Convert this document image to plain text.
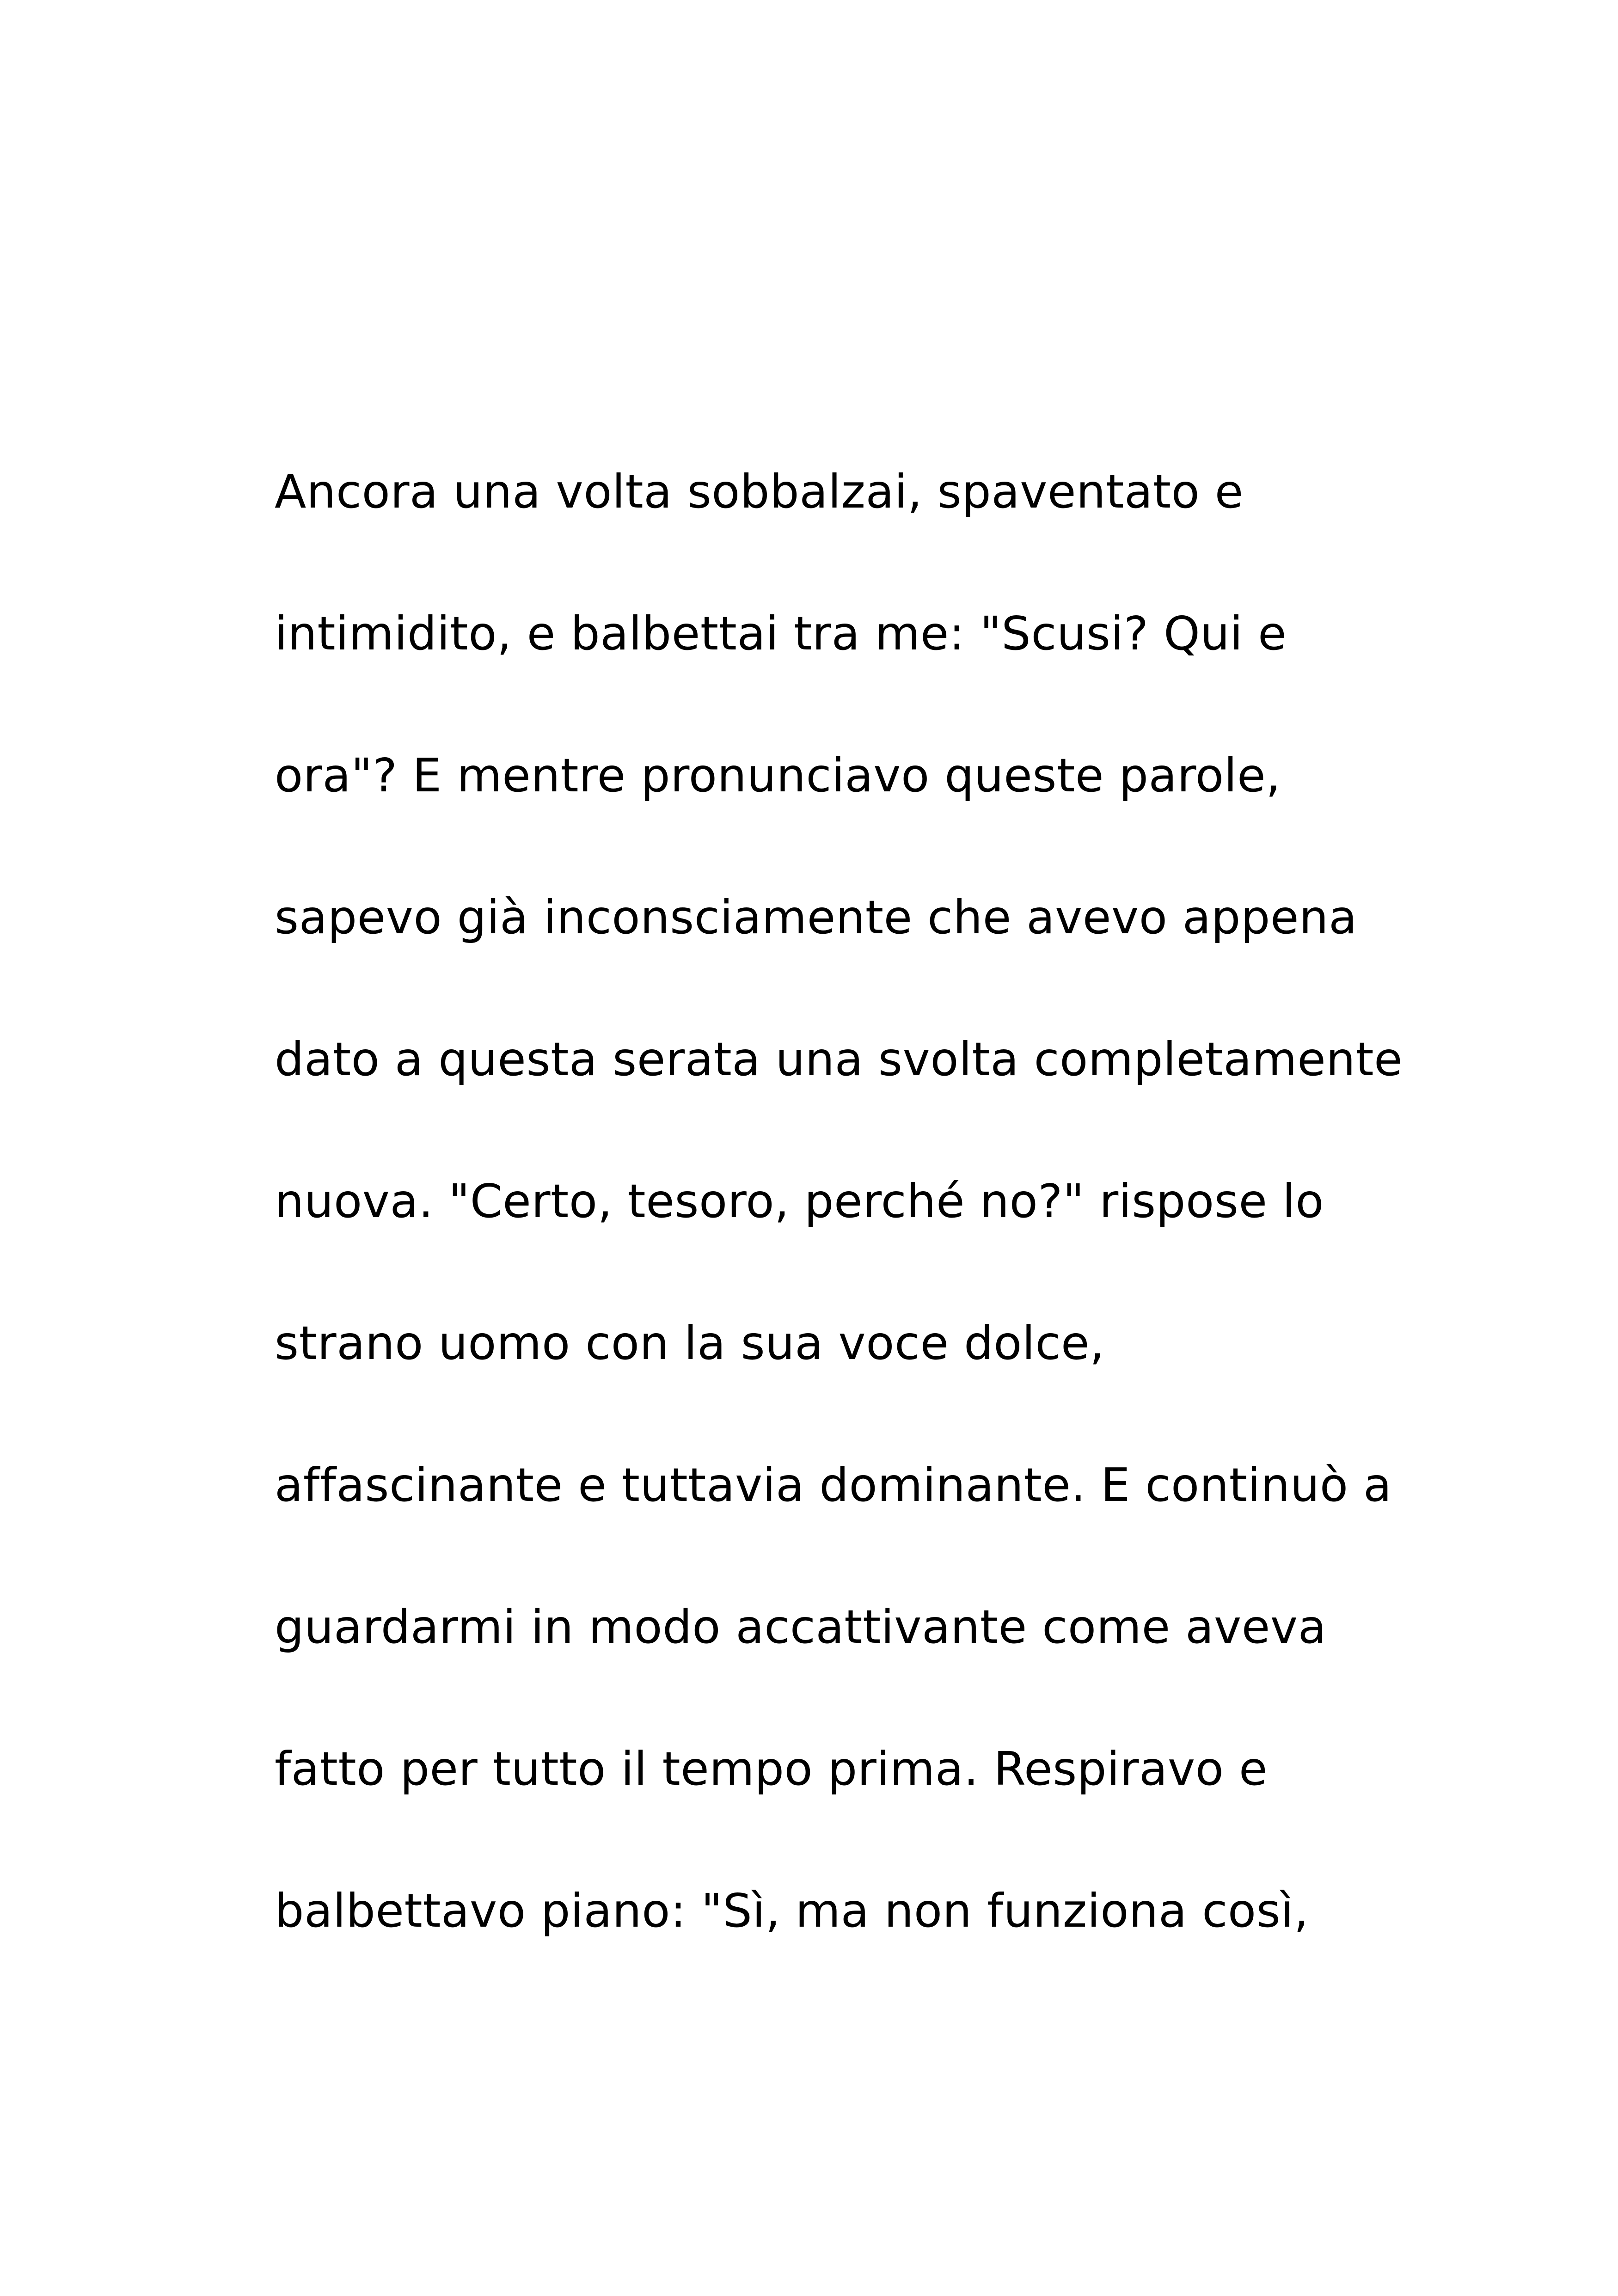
Ancora una volta sobbalzai, spaventato e
intimidito, e balbettai tra me: "Scusi? Qui e
ora"? E mentre pronunciavo queste parole,
sapevo già inconsciamente che avevo appena
dato a questa serata una svolta completamente
nuova. "Certo, tesoro, perché no?" rispose lo
strano uomo con la sua voce dolce,
affascinante e tuttavia dominante. E continuò a
guardarmi in modo accattivante come aveva
fatto per tutto il tempo prima. Respiravo e
balbettavo piano: "Sì, ma non funziona così,
